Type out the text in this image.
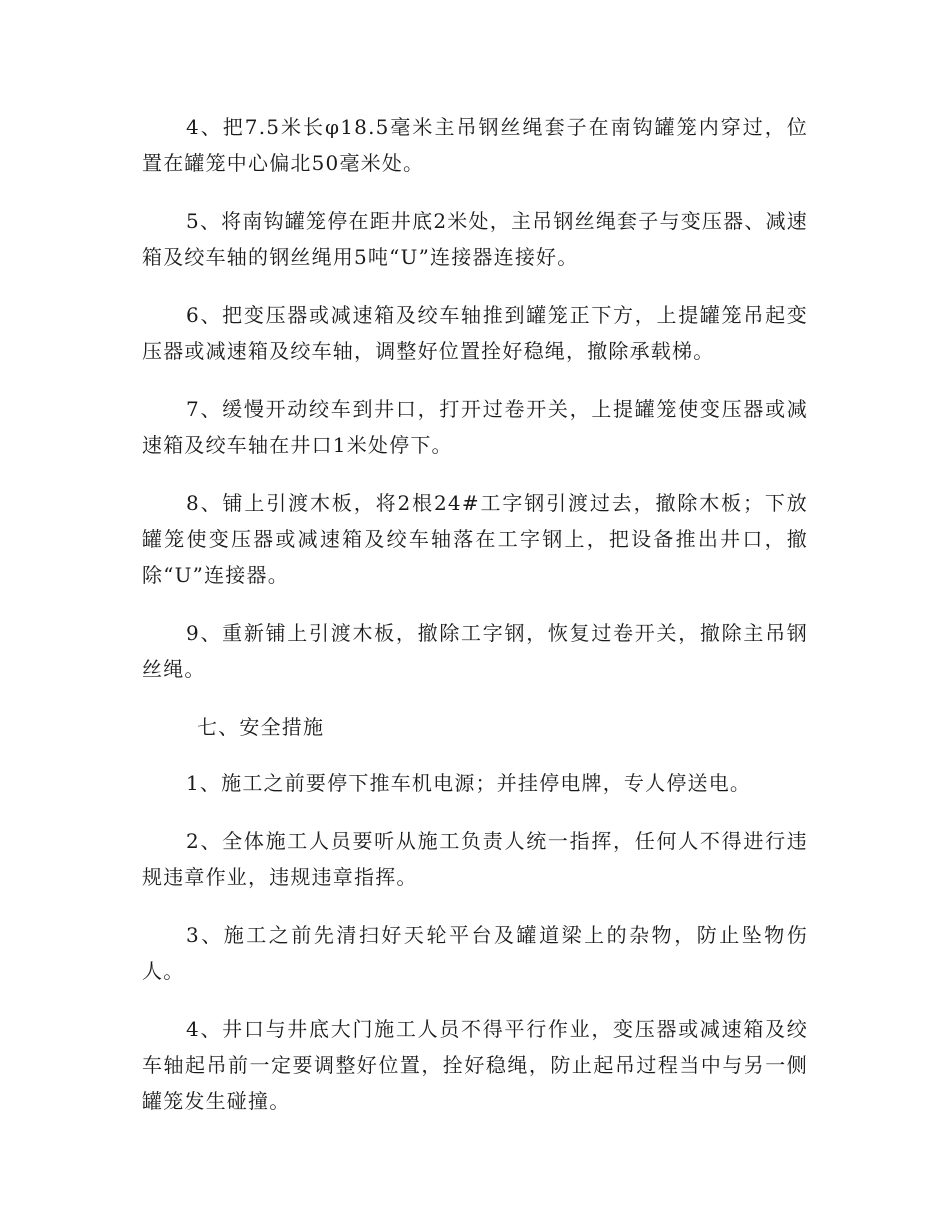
4、把7.5米长φ18.5毫米主吊钢丝绳套子在南钩罐笼内穿过，位置在罐笼中心偏北50毫米处。

5、将南钩罐笼停在距井底2米处，主吊钢丝绳套子与变压器、减速箱及绞车轴的钢丝绳用5吨“U”连接器连接好。

6、把变压器或减速箱及绞车轴推到罐笼正下方，上提罐笼吊起变压器或减速箱及绞车轴，调整好位置拴好稳绳，撤除承载梯。

7、缓慢开动绞车到井口，打开过卷开关，上提罐笼使变压器或减速箱及绞车轴在井口1米处停下。

8、铺上引渡木板，将2根24#工字钢引渡过去，撤除木板；下放罐笼使变压器或减速箱及绞车轴落在工字钢上，把设备推出井口，撤除“U”连接器。

9、重新铺上引渡木板，撤除工字钢，恢复过卷开关，撤除主吊钢丝绳。

七、安全措施

1、施工之前要停下推车机电源；并挂停电牌，专人停送电。

2、全体施工人员要听从施工负责人统一指挥，任何人不得进行违规违章作业，违规违章指挥。

3、施工之前先清扫好天轮平台及罐道梁上的杂物，防止坠物伤人。

4、井口与井底大门施工人员不得平行作业，变压器或减速箱及绞车轴起吊前一定要调整好位置，拴好稳绳，防止起吊过程当中与另一侧罐笼发生碰撞。
